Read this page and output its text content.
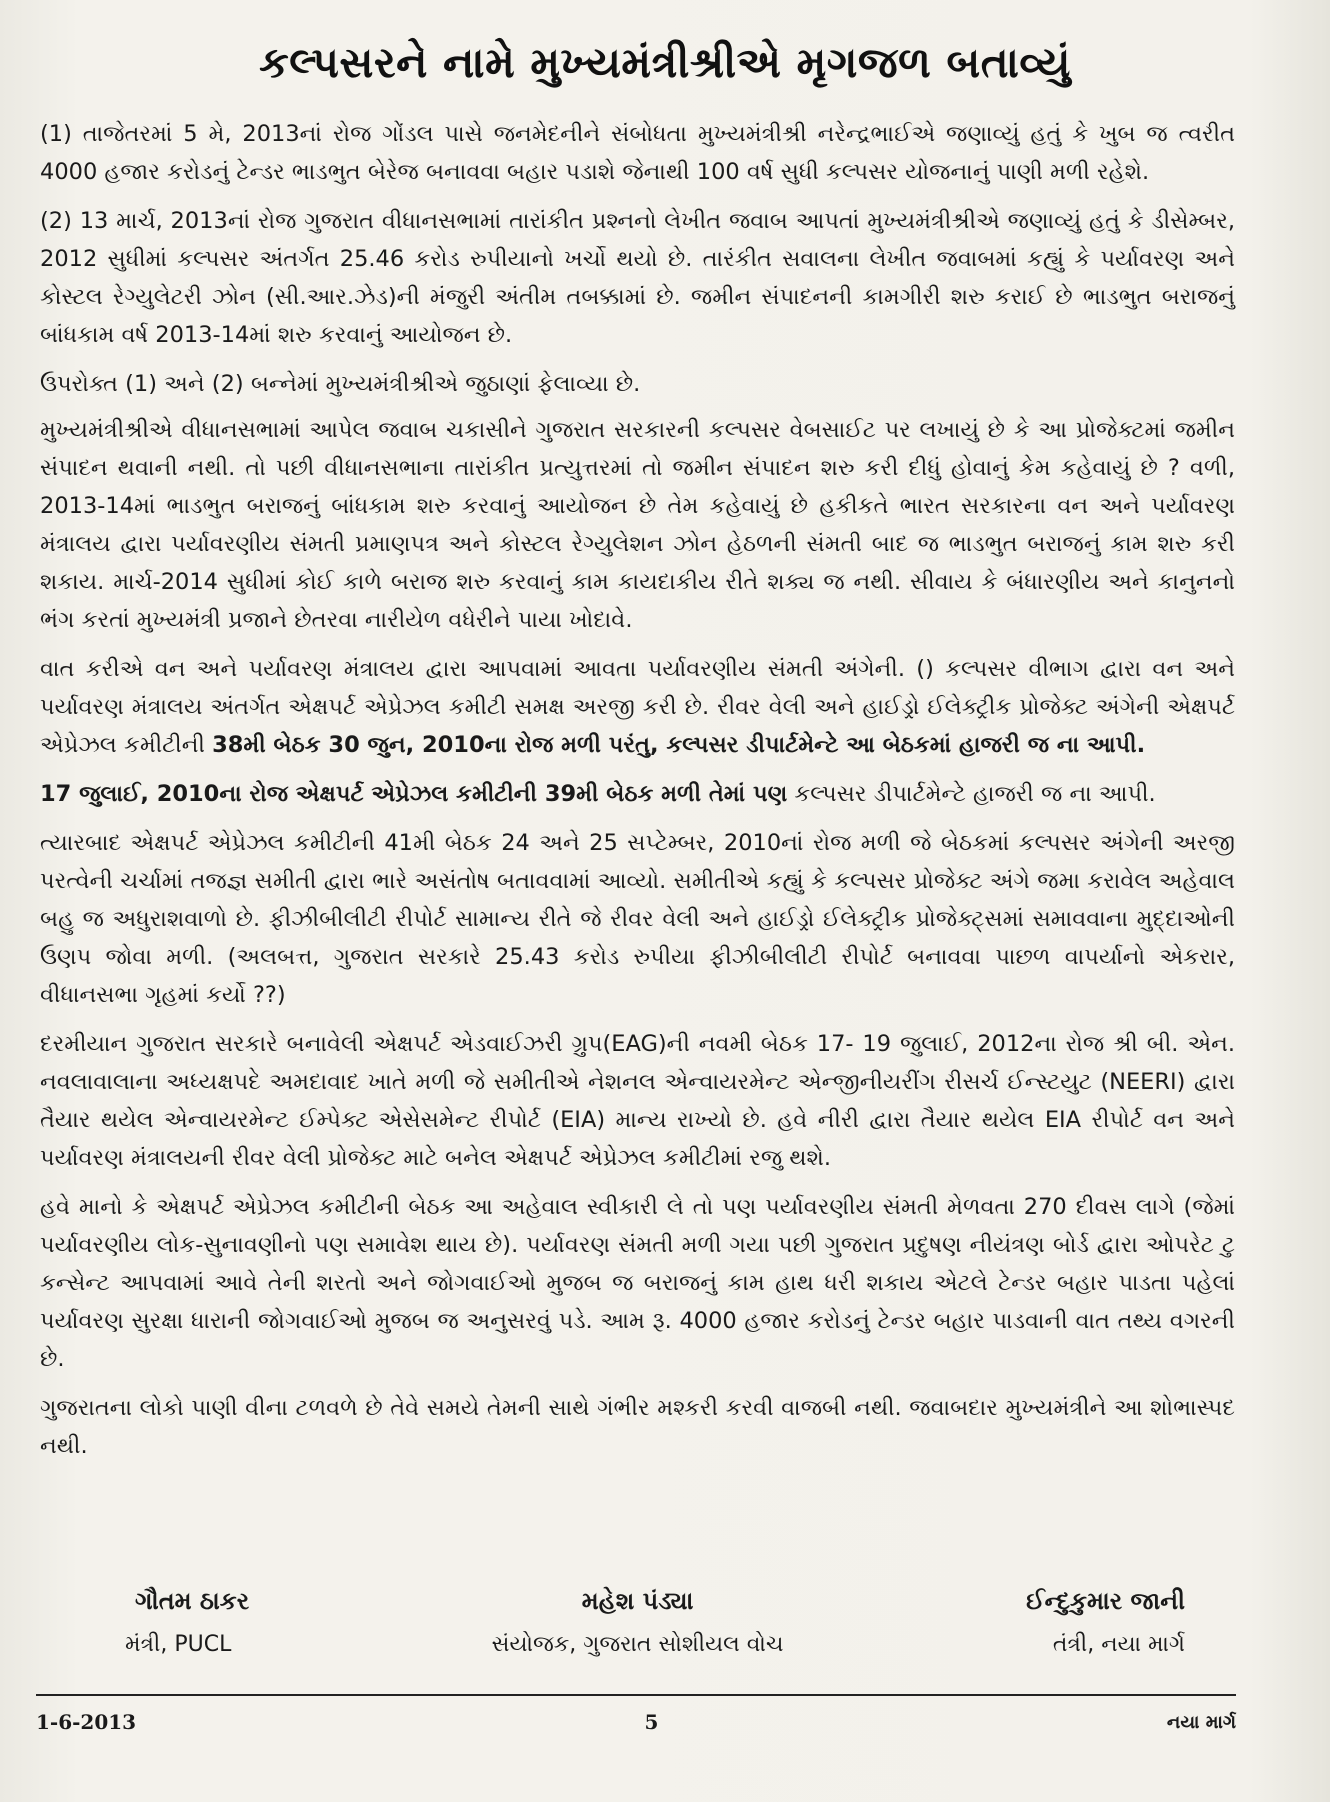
કલ્પસરને નામે મુખ્યમંત્રીશ્રીએ મૃગજળ બતાવ્યું

(1) તાજેતરમાં 5 મે, 2013નાં રોજ ગોંડલ પાસે જનમેદનીને સંબોધતા મુખ્યમંત્રીશ્રી નરેન્દ્રભાઈએ જણાવ્યું હતું કે ખુબ જ ત્વરીત 4000 હજાર કરોડનું ટેન્ડર ભાડભુત બેરેજ બનાવવા બહાર પડાશે જેનાથી 100 વર્ષ સુધી કલ્પસર યોજનાનું પાણી મળી રહેશે.

(2) 13 માર્ચ, 2013નાં રોજ ગુજરાત વીધાનસભામાં તારાંકીત પ્રશ્નનો લેખીત જવાબ આપતાં મુખ્યમંત્રીશ્રીએ જણાવ્યું હતું કે ડીસેમ્બર, 2012 સુધીમાં કલ્પસર અંતર્ગત 25.46 કરોડ રુપીયાનો ખર્ચો થયો છે. તારંકીત સવાલના લેખીત જવાબમાં કહ્યું કે પર્યાવરણ અને કોસ્ટલ રેગ્યુલેટરી ઝોન (સી.આર.ઝેડ)ની મંજુરી અંતીમ તબક્કામાં છે. જમીન સંપાદનની કામગીરી શરુ કરાઈ છે ભાડભુત બરાજનું બાંધકામ વર્ષ 2013-14માં શરુ કરવાનું આયોજન છે.

ઉપરોક્ત (1) અને (2) બન્નેમાં મુખ્યમંત્રીશ્રીએ જુઠાણાં ફેલાવ્યા છે.

મુખ્યમંત્રીશ્રીએ વીધાનસભામાં આપેલ જવાબ ચકાસીને ગુજરાત સરકારની કલ્પસર વેબસાઈટ પર લખાયું છે કે આ પ્રોજેક્ટમાં જમીન સંપાદન થવાની નથી. તો પછી વીધાનસભાના તારાંકીત પ્રત્યુત્તરમાં તો જમીન સંપાદન શરુ કરી દીધું હોવાનું કેમ કહેવાયું છે ? વળી, 2013-14માં ભાડભુત બરાજનું બાંધકામ શરુ કરવાનું આયોજન છે તેમ કહેવાયું છે હકીકતે ભારત સરકારના વન અને પર્યાવરણ મંત્રાલય દ્વારા પર્યાવરણીય સંમતી પ્રમાણપત્ર અને કોસ્ટલ રેગ્યુલેશન ઝોન હેઠળની સંમતી બાદ જ ભાડભુત બરાજનું કામ શરુ કરી શકાય. માર્ચ-2014 સુધીમાં કોઈ કાળે બરાજ શરુ કરવાનું કામ કાયદાકીય રીતે શક્ય જ નથી. સીવાય કે બંધારણીય અને કાનુનનો ભંગ કરતાં મુખ્યમંત્રી પ્રજાને છેતરવા નારીયેળ વધેરીને પાયા ખોદાવે.

વાત કરીએ વન અને પર્યાવરણ મંત્રાલય દ્વારા આપવામાં આવતા પર્યાવરણીય સંમતી અંગેની. () કલ્પસર વીભાગ દ્વારા વન અને પર્યાવરણ મંત્રાલય અંતર્ગત એક્ષપર્ટ એપ્રેઝલ કમીટી સમક્ષ અરજી કરી છે. રીવર વેલી અને હાઈડ્રો ઈલેક્ટ્રીક પ્રોજેક્ટ અંગેની એક્ષપર્ટ એપ્રેઝલ કમીટીની 38મી બેઠક 30 જુન, 2010ના રોજ મળી પરંતુ, કલ્પસર ડીપાર્ટમેન્ટે આ બેઠકમાં હાજરી જ ના આપી.

17 જુલાઈ, 2010ના રોજ એક્ષપર્ટ એપ્રેઝલ કમીટીની 39મી બેઠક મળી તેમાં પણ કલ્પસર ડીપાર્ટમેન્ટે હાજરી જ ના આપી.

ત્યારબાદ એક્ષપર્ટ એપ્રેઝલ કમીટીની 41મી બેઠક 24 અને 25 સપ્ટેમ્બર, 2010નાં રોજ મળી જે બેઠકમાં કલ્પસર અંગેની અરજી પરત્વેની ચર્ચામાં તજજ્ઞ સમીતી દ્વારા ભારે અસંતોષ બતાવવામાં આવ્યો. સમીતીએ કહ્યું કે કલ્પસર પ્રોજેક્ટ અંગે જમા કરાવેલ અહેવાલ બહુ જ અધુરાશવાળો છે. ફીઝીબીલીટી રીપોર્ટ સામાન્ય રીતે જે રીવર વેલી અને હાઈડ્રો ઈલેક્ટ્રીક પ્રોજેક્ટ્સમાં સમાવવાના મુદ્દાઓની ઉણપ જોવા મળી. (અલબત્ત, ગુજરાત સરકારે 25.43 કરોડ રુપીયા ફીઝીબીલીટી રીપોર્ટ બનાવવા પાછળ વાપર્યાનો એકરાર, વીધાનસભા ગૃહમાં કર્યો ??)

દરમીયાન ગુજરાત સરકારે બનાવેલી એક્ષપર્ટ એડવાઈઝરી ગ્રુપ(EAG)ની નવમી બેઠક 17- 19 જુલાઈ, 2012ના રોજ શ્રી બી. એન. નવલાવાલાના અધ્યક્ષપદે અમદાવાદ ખાતે મળી જે સમીતીએ નેશનલ એન્વાયરમેન્ટ એન્જીનીયરીંગ રીસર્ચ ઈન્સ્ટયુટ (NEERI) દ્વારા તૈયાર થયેલ એન્વાયરમેન્ટ ઈમ્પેક્ટ એસેસમેન્ટ રીપોર્ટ (EIA) માન્ય રાખ્યો છે. હવે નીરી દ્વારા તૈયાર થયેલ EIA રીપોર્ટ વન અને પર્યાવરણ મંત્રાલયની રીવર વેલી પ્રોજેક્ટ માટે બનેલ એક્ષપર્ટ એપ્રેઝલ કમીટીમાં રજુ થશે.

હવે માનો કે એક્ષપર્ટ એપ્રેઝલ કમીટીની બેઠક આ અહેવાલ સ્વીકારી લે તો પણ પર્યાવરણીય સંમતી મેળવતા 270 દીવસ લાગે (જેમાં પર્યાવરણીય લોક-સુનાવણીનો પણ સમાવેશ થાય છે). પર્યાવરણ સંમતી મળી ગયા પછી ગુજરાત પ્રદુષણ નીયંત્રણ બોર્ડ દ્વારા ઓપરેટ ટુ કન્સેન્ટ આપવામાં આવે તેની શરતો અને જોગવાઈઓ મુજબ જ બરાજનું કામ હાથ ધરી શકાય એટલે ટેન્ડર બહાર પાડતા પહેલાં પર્યાવરણ સુરક્ષા ધારાની જોગવાઈઓ મુજબ જ અનુસરવું પડે. આમ રૂ. 4000 હજાર કરોડનું ટેન્ડર બહાર પાડવાની વાત તથ્ય વગરની છે.

ગુજરાતના લોકો પાણી વીના ટળવળે છે તેવે સમયે તેમની સાથે ગંભીર મશ્કરી કરવી વાજબી નથી. જવાબદાર મુખ્યમંત્રીને આ શોભાસ્પદ નથી.

ગૌતમ ઠાકર
મંત્રી, PUCL
મહેશ પંડ્યા
સંયોજક, ગુજરાત સોશીયલ વોચ
ઈન્દુકુમાર જાની
તંત્રી, નયા માર્ગ
1-6-2013	5	નયા માર્ગ
